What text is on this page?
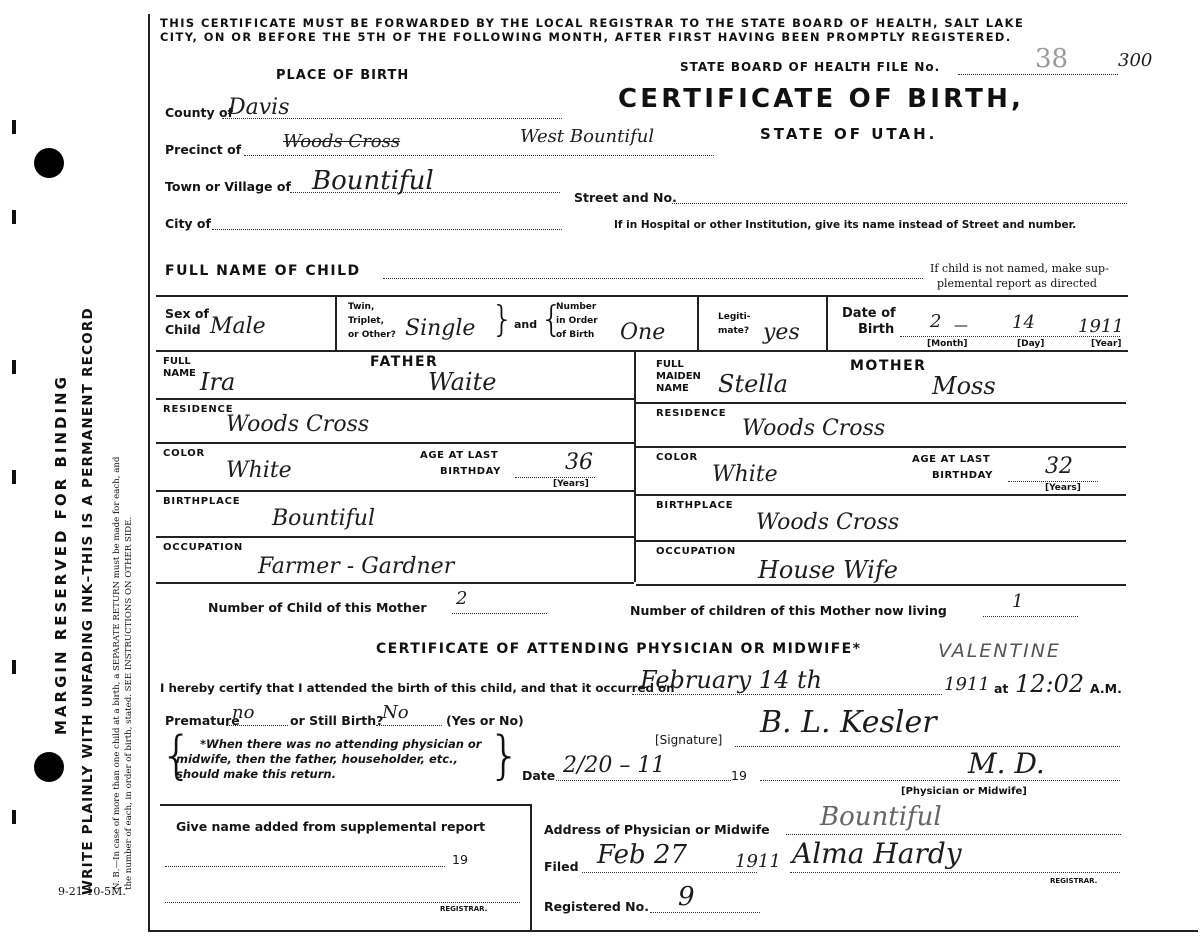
MARGIN RESERVED FOR BINDING WRITE PLAINLY WITH UNFADING INK–THIS IS A PERMANENT RECORD N. B.—In case of more than one child at a birth, a SEPARATE RETURN must be made for each, and the number of each, in order of birth, stated. SEE INSTRUCTIONS ON OTHER SIDE.
9-21-10-5M.
THIS CERTIFICATE MUST BE FORWARDED BY THE LOCAL REGISTRAR TO THE STATE BOARD OF HEALTH, SALT LAKE
CITY, ON OR BEFORE THE 5TH OF THE FOLLOWING MONTH, AFTER FIRST HAVING BEEN PROMPTLY REGISTERED.
STATE BOARD OF HEALTH FILE No.	38	300
CERTIFICATE OF BIRTH,
STATE OF UTAH.
PLACE OF BIRTH
County of
Davis
Precinct of Woods Cross	West Bountiful
Town or Village of Bountiful
City of
Street and No.
If in Hospital or other Institution, give its name instead of Street and number.
FULL NAME OF CHILD	If child is not named, make sup-
plemental report as directed
Sex of
Child Male
Twin,
Triplet,
or Other? Single } and {
Number
in Order
of Birth One
Legiti-
mate? yes
Date of
Birth 2 — 14 1911
[Month]	[Day]	[Year]
FATHER
FULL
NAME Ira	Waite
RESIDENCE
Woods Cross
COLOR
White
AGE AT LAST
BIRTHDAY	36
[Years]
BIRTHPLACE
Bountiful
OCCUPATION
Farmer - Gardner
MOTHER
FULL
MAIDEN
NAME Stella	Moss
RESIDENCE
Woods Cross
COLOR
White
AGE AT LAST
BIRTHDAY 32
[Years]
BIRTHPLACE
Woods Cross
OCCUPATION
House Wife
Number of Child of this Mother 2
Number of children of this Mother now living	1
CERTIFICATE OF ATTENDING PHYSICIAN OR MIDWIFE*	VALENTINE
I hereby certify that I attended the birth of this child, and that it occurred on
February 14 th	1911 at 12:02 A.M.
Premature
no	or Still Birth?
No	(Yes or No)
{	}
*When there was no attending physician or
midwife, then the father, householder, etc.,
should make this return.
[Signature] B. L. Kesler
Date 2/20 – 11	19	M. D.
[Physician or Midwife]
Give name added from supplemental report
19
REGISTRAR.
Address of Physician or Midwife Bountiful
Filed Feb 27	1911 Alma Hardy
REGISTRAR.
Registered No. 9
